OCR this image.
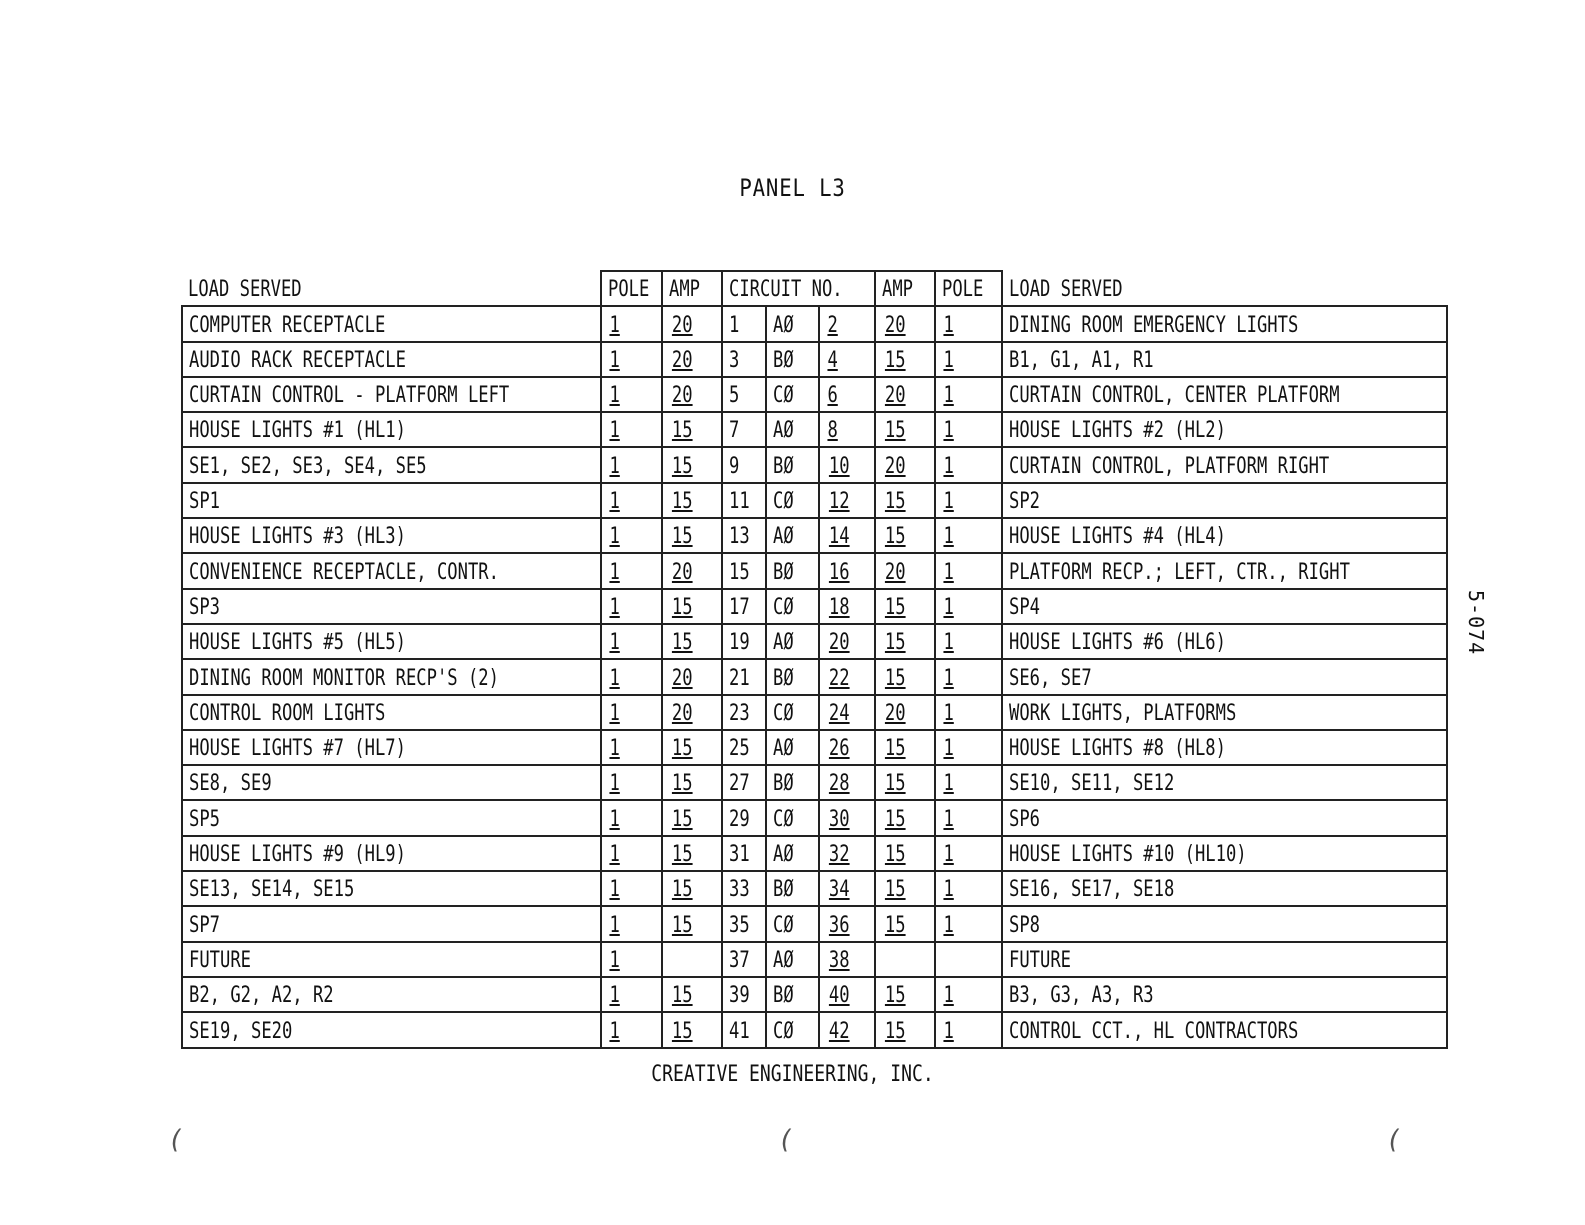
PANEL L3
5-074
LOAD SERVED	POLE	AMP	CIRCUIT NO.			AMP	POLE	LOAD SERVED
COMPUTER RECEPTACLE	1	20	1	AØ	2	20	1	DINING ROOM EMERGENCY LIGHTS
AUDIO RACK RECEPTACLE	1	20	3	BØ	4	15	1	B1, G1, A1, R1
CURTAIN CONTROL - PLATFORM LEFT	1	20	5	CØ	6	20	1	CURTAIN CONTROL, CENTER PLATFORM
HOUSE LIGHTS #1 (HL1)	1	15	7	AØ	8	15	1	HOUSE LIGHTS #2 (HL2)
SE1, SE2, SE3, SE4, SE5	1	15	9	BØ	10	20	1	CURTAIN CONTROL, PLATFORM RIGHT
SP1	1	15	11	CØ	12	15	1	SP2
HOUSE LIGHTS #3 (HL3)	1	15	13	AØ	14	15	1	HOUSE LIGHTS #4 (HL4)
CONVENIENCE RECEPTACLE, CONTR.	1	20	15	BØ	16	20	1	PLATFORM RECP.; LEFT, CTR., RIGHT
SP3	1	15	17	CØ	18	15	1	SP4
HOUSE LIGHTS #5 (HL5)	1	15	19	AØ	20	15	1	HOUSE LIGHTS #6 (HL6)
DINING ROOM MONITOR RECP'S (2)	1	20	21	BØ	22	15	1	SE6, SE7
CONTROL ROOM LIGHTS	1	20	23	CØ	24	20	1	WORK LIGHTS, PLATFORMS
HOUSE LIGHTS #7 (HL7)	1	15	25	AØ	26	15	1	HOUSE LIGHTS #8 (HL8)
SE8, SE9	1	15	27	BØ	28	15	1	SE10, SE11, SE12
SP5	1	15	29	CØ	30	15	1	SP6
HOUSE LIGHTS #9 (HL9)	1	15	31	AØ	32	15	1	HOUSE LIGHTS #10 (HL10)
SE13, SE14, SE15	1	15	33	BØ	34	15	1	SE16, SE17, SE18
SP7	1	15	35	CØ	36	15	1	SP8
FUTURE	1		37	AØ	38			FUTURE
B2, G2, A2, R2	1	15	39	BØ	40	15	1	B3, G3, A3, R3
SE19, SE20	1	15	41	CØ	42	15	1	CONTROL CCT., HL CONTRACTORS
CREATIVE ENGINEERING, INC.
(	(	(
